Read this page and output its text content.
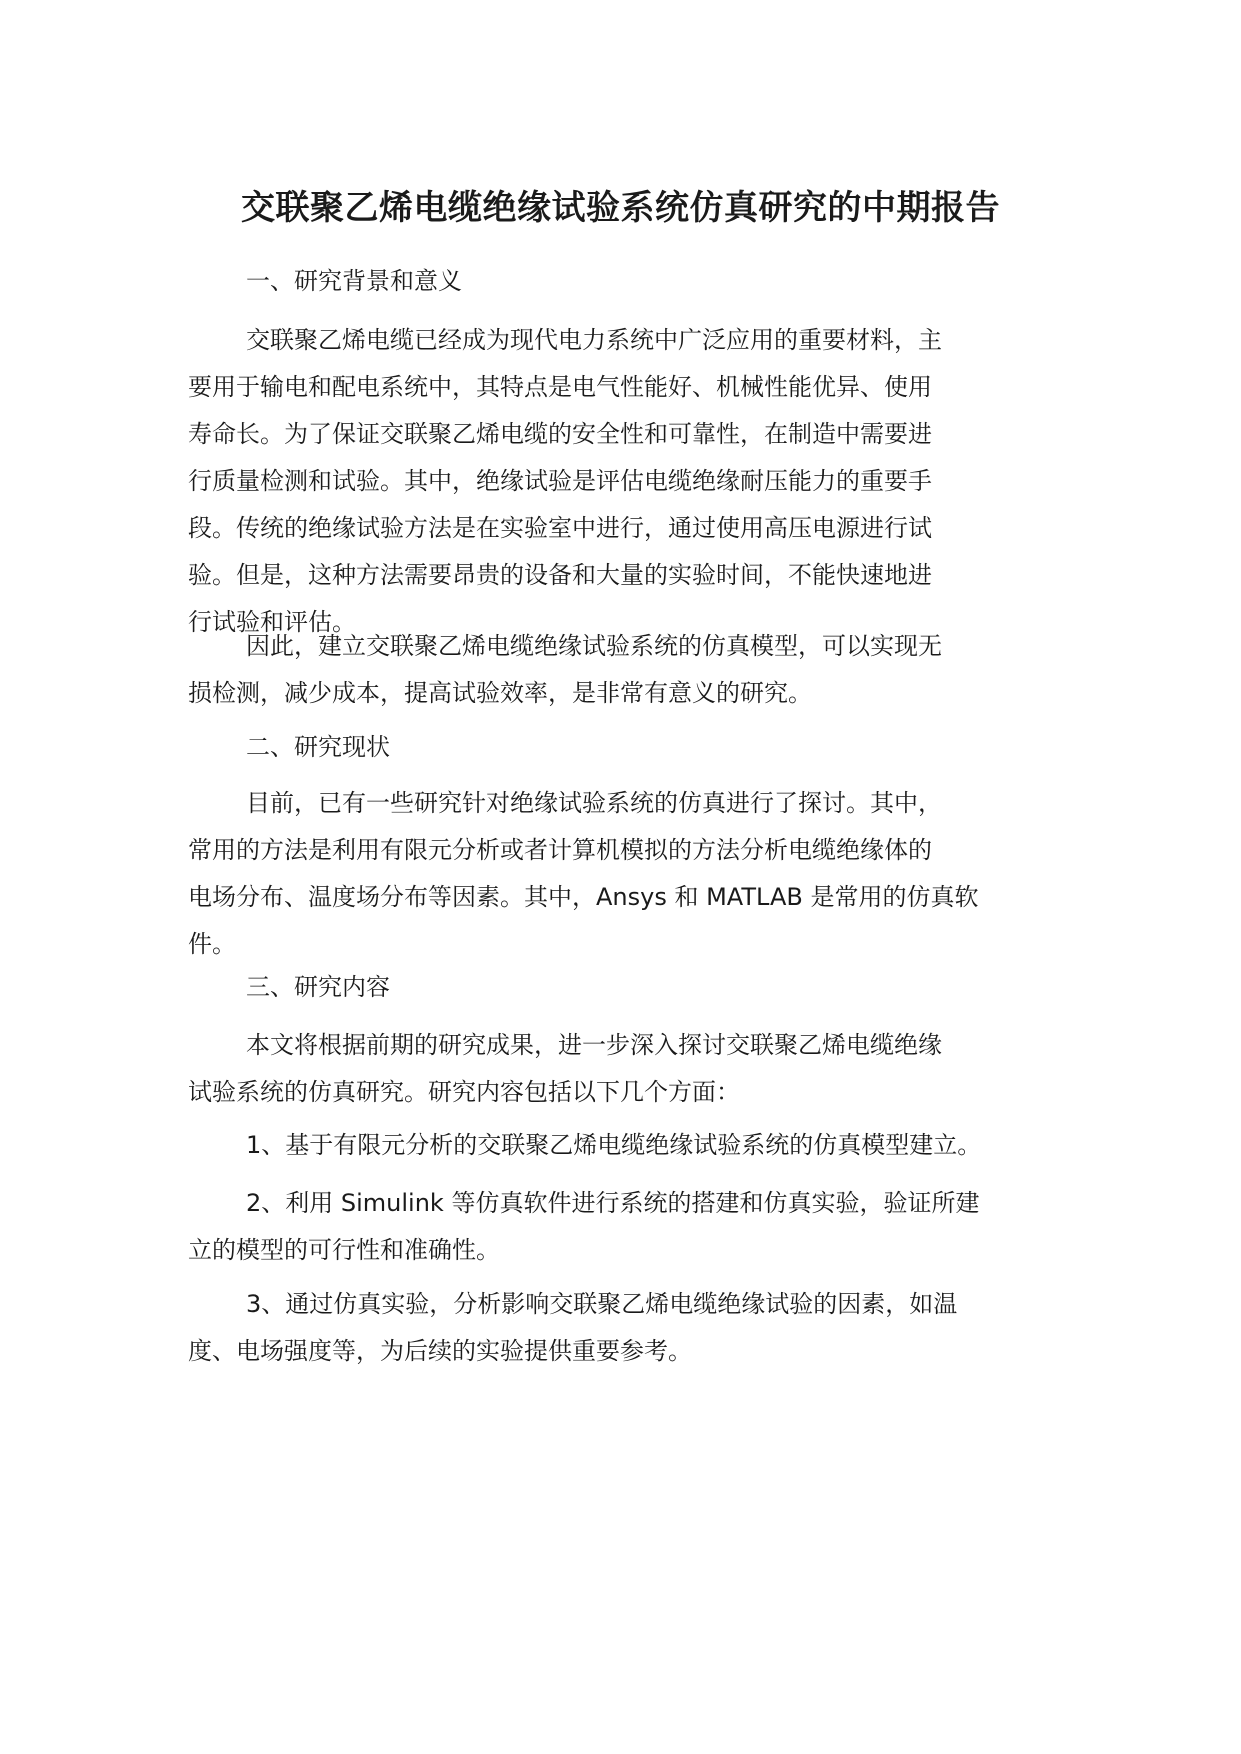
交联聚乙烯电缆绝缘试验系统仿真研究的中期报告
一、研究背景和意义
交联聚乙烯电缆已经成为现代电力系统中广泛应用的重要材料，主
要用于输电和配电系统中，其特点是电气性能好、机械性能优异、使用
寿命长。为了保证交联聚乙烯电缆的安全性和可靠性，在制造中需要进
行质量检测和试验。其中，绝缘试验是评估电缆绝缘耐压能力的重要手
段。传统的绝缘试验方法是在实验室中进行，通过使用高压电源进行试
验。但是，这种方法需要昂贵的设备和大量的实验时间，不能快速地进
行试验和评估。
因此，建立交联聚乙烯电缆绝缘试验系统的仿真模型，可以实现无
损检测，减少成本，提高试验效率，是非常有意义的研究。
二、研究现状
目前，已有一些研究针对绝缘试验系统的仿真进行了探讨。其中，
常用的方法是利用有限元分析或者计算机模拟的方法分析电缆绝缘体的
电场分布、温度场分布等因素。其中，Ansys 和 MATLAB 是常用的仿真软
件。
三、研究内容
本文将根据前期的研究成果，进一步深入探讨交联聚乙烯电缆绝缘
试验系统的仿真研究。研究内容包括以下几个方面：
1、基于有限元分析的交联聚乙烯电缆绝缘试验系统的仿真模型建立。
2、利用 Simulink 等仿真软件进行系统的搭建和仿真实验，验证所建
立的模型的可行性和准确性。
3、通过仿真实验，分析影响交联聚乙烯电缆绝缘试验的因素，如温
度、电场强度等，为后续的实验提供重要参考。
